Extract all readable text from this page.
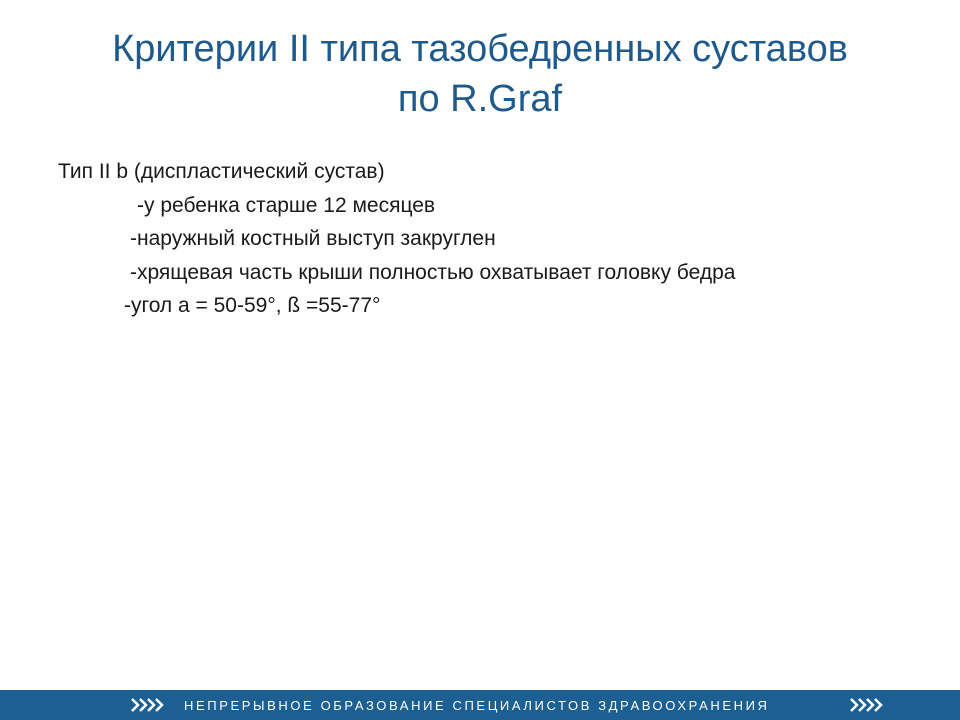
Критерии II типа тазобедренных суставов
по R.Graf
Тип II b (диспластический сустав)
-у ребенка старше 12 месяцев
-наружный костный выступ закруглен
-хрящевая часть крыши полностью охватывает головку бедра
-угол а = 50-59°, ß =55-77°
НЕПРЕРЫВНОЕ ОБРАЗОВАНИЕ СПЕЦИАЛИСТОВ ЗДРАВООХРАНЕНИЯ
